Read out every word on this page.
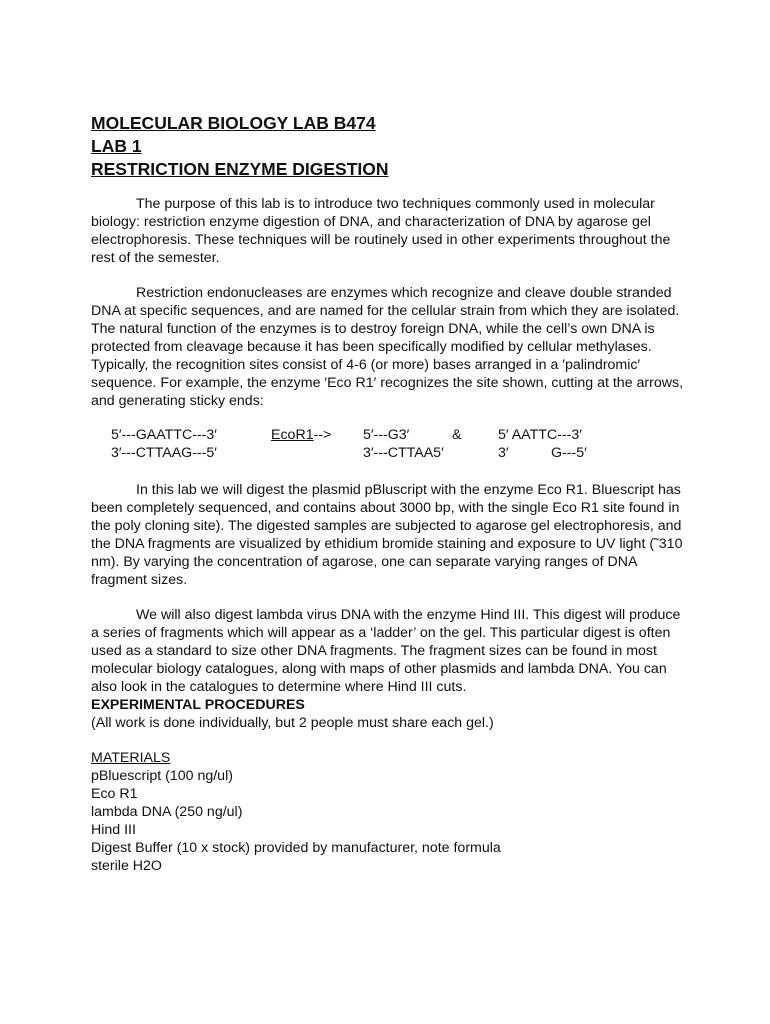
MOLECULAR BIOLOGY LAB B474

LAB 1

RESTRICTION ENZYME DIGESTION

The purpose of this lab is to introduce two techniques commonly used in molecular biology: restriction enzyme digestion of DNA, and characterization of DNA by agarose gel electrophoresis. These techniques will be routinely used in other experiments throughout the rest of the semester.

Restriction endonucleases are enzymes which recognize and cleave double stranded DNA at specific sequences, and are named for the cellular strain from which they are isolated. The natural function of the enzymes is to destroy foreign DNA, while the cell’s own DNA is protected from cleavage because it has been specifically modified by cellular methylases. Typically, the recognition sites consist of 4-6 (or more) bases arranged in a ′palindromic′ sequence. For example, the enzyme ′Eco R1′ recognizes the site shown, cutting at the arrows, and generating sticky ends:

5′---GAATTC---3′
3′---CTTAAG---5′
EcoR1--> 5′---G3′	&
3′---CTTAA5′
5′ AATTC---3′
3′	G---5′

In this lab we will digest the plasmid pBluscript with the enzyme Eco R1. Bluescript has been completely sequenced, and contains about 3000 bp, with the single Eco R1 site found in the poly cloning site). The digested samples are subjected to agarose gel electrophoresis, and the DNA fragments are visualized by ethidium bromide staining and exposure to UV light (˜310 nm). By varying the concentration of agarose, one can separate varying ranges of DNA fragment sizes.

We will also digest lambda virus DNA with the enzyme Hind III. This digest will produce a series of fragments which will appear as a ‘ladder’ on the gel. This particular digest is often used as a standard to size other DNA fragments. The fragment sizes can be found in most molecular biology catalogues, along with maps of other plasmids and lambda DNA. You can also look in the catalogues to determine where Hind III cuts.

EXPERIMENTAL PROCEDURES

(All work is done individually, but 2 people must share each gel.)

MATERIALS

pBluescript (100 ng/ul)

Eco R1

lambda DNA (250 ng/ul)

Hind III

Digest Buffer (10 x stock) provided by manufacturer, note formula

sterile H2O
